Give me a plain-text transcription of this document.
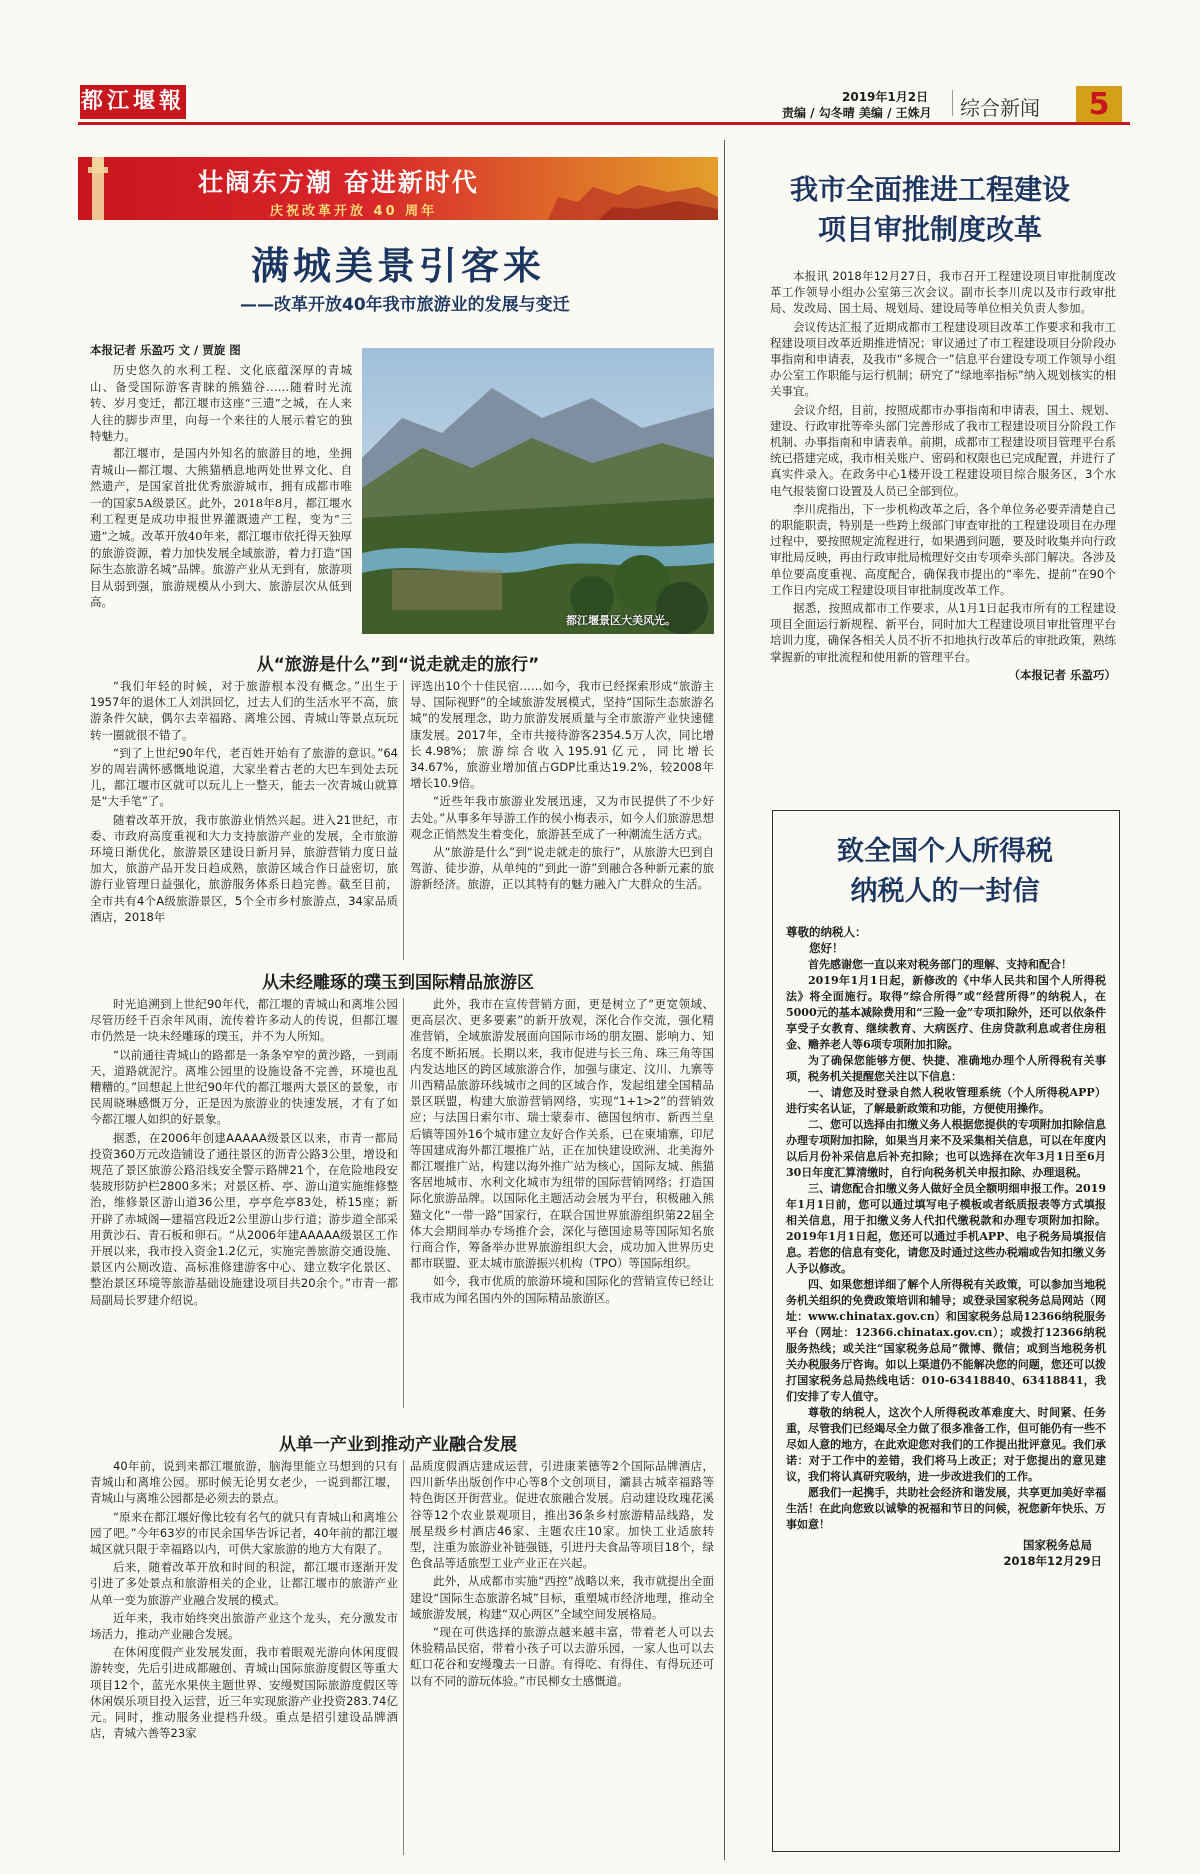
都江堰報	2019年1月2日
责编 / 勾冬晴 美编 / 王姝月 综合新闻	5
壮阔东方潮 奋进新时代
庆祝改革开放 40 周年
满城美景引客来
——改革开放40年我市旅游业的发展与变迁
本报记者 乐盈巧 文 / 贾旋 图

历史悠久的水利工程、文化底蕴深厚的青城山、备受国际游客青睐的熊猫谷……随着时光流转、岁月变迁，都江堰市这座“三遗”之城，在人来人往的脚步声里，向每一个来往的人展示着它的独特魅力。

都江堰市，是国内外知名的旅游目的地，坐拥青城山—都江堰、大熊猫栖息地两处世界文化、自然遗产，是国家首批优秀旅游城市，拥有成都市唯一的国家5A级景区。此外，2018年8月，都江堰水利工程更是成功申报世界灌溉遗产工程，变为“三遗”之城。改革开放40年来，都江堰市依托得天独厚的旅游资源，着力加快发展全域旅游，着力打造“国际生态旅游名城”品牌。旅游产业从无到有，旅游项目从弱到强，旅游规模从小到大、旅游层次从低到高。

都江堰景区大美风光。
从“旅游是什么”到“说走就走的旅行”

“我们年轻的时候，对于旅游根本没有概念。”出生于1957年的退休工人刘洪回忆，过去人们的生活水平不高，旅游条件欠缺，偶尔去幸福路、离堆公园、青城山等景点玩玩转一圈就很不错了。

“到了上世纪90年代，老百姓开始有了旅游的意识。”64岁的周岩满怀感慨地说道，大家坐着古老的大巴车到处去玩儿，都江堰市区就可以玩儿上一整天，能去一次青城山就算是“大手笔”了。

随着改革开放，我市旅游业悄然兴起。进入21世纪，市委、市政府高度重视和大力支持旅游产业的发展，全市旅游环境日渐优化，旅游景区建设日新月异，旅游营销力度日益加大，旅游产品开发日趋成熟，旅游区域合作日益密切，旅游行业管理日益强化，旅游服务体系日趋完善。截至目前，全市共有4个A级旅游景区，5个全市乡村旅游点，34家品质酒店，2018年

评选出10个十佳民宿……如今，我市已经探索形成“旅游主导、国际视野”的全域旅游发展模式，坚持“国际生态旅游名城”的发展理念，助力旅游发展质量与全市旅游产业快速健康发展。2017年，全市共接待游客2354.5万人次，同比增长4.98%；旅游综合收入195.91亿元，同比增长34.67%，旅游业增加值占GDP比重达19.2%，较2008年增长10.9倍。

“近些年我市旅游业发展迅速，又为市民提供了不少好去处。”从事多年导游工作的侯小梅表示，如今人们旅游思想观念正悄然发生着变化，旅游甚至成了一种潮流生活方式。

从“旅游是什么”到“说走就走的旅行”，从旅游大巴到自驾游、徒步游，从单纯的“到此一游”到融合各种新元素的旅游新经济。旅游，正以其特有的魅力融入广大群众的生活。

从未经雕琢的璞玉到国际精品旅游区

时光追溯到上世纪90年代，都江堰的青城山和离堆公园尽管历经千百余年风雨，流传着许多动人的传说，但都江堰市仍然是一块未经雕琢的璞玉，并不为人所知。

“以前通往青城山的路都是一条条窄窄的黄沙路，一到雨天，道路就泥泞。离堆公园里的设施设备不完善，环境也乱糟糟的。”回想起上世纪90年代的都江堰两大景区的景象，市民周晓琳感慨万分，正是因为旅游业的快速发展，才有了如今都江堰人如织的好景象。

据悉，在2006年创建AAAAA级景区以来，市青一都局投资360万元改造铺设了通往景区的沥青公路3公里，增设和规范了景区旅游公路沿线安全警示路牌21个，在危险地段安装玻形防护栏2800多米；对景区桥、亭、游山道实施维修整治，维修景区游山道36公里，亭亭危亭83处，桥15座；新开辟了赤城阁—建福宫段近2公里游山步行道；游步道全部采用黄沙石、青石板和卵石。“从2006年建AAAAA级景区工作开展以来，我市投入资金1.2亿元，实施完善旅游交通设施、景区内公厕改造、高标准修建游客中心、建立数字化景区、整治景区环境等旅游基础设施建设项目共20余个。”市青一都局副局长罗建介绍说。

此外，我市在宣传营销方面，更是树立了“更宽领域、更高层次、更多要素”的新开放观，深化合作交流，强化精准营销，全域旅游发展面向国际市场的朋友圈、影响力、知名度不断拓展。长期以来，我市促进与长三角、珠三角等国内发达地区的跨区域旅游合作，加强与康定、汶川、九寨等川西精品旅游环线城市之间的区域合作，发起组建全国精品景区联盟，构建大旅游营销网络，实现“1+1>2”的营销效应；与法国日索尔市、瑞士蒙泰市、德国包纳市、新西兰皇后镇等国外16个城市建立友好合作关系，已在柬埔寨，印尼等国建成海外都江堰推广站，正在加快建设欧洲、北美海外都江堰推广站，构建以海外推广站为核心，国际友城、熊猫客居地城市、水利文化城市为纽带的国际营销网络；打造国际化旅游品牌。以国际化主题活动会展为平台，积极融入熊猫文化“一带一路”国家行，在联合国世界旅游组织第22届全体大会期间举办专场推介会，深化与德国途易等国际知名旅行商合作，筹备举办世界旅游组织大会，成功加入世界历史都市联盟、亚太城市旅游振兴机构（TPO）等国际组织。

如今，我市优质的旅游环境和国际化的营销宣传已经让我市成为闻名国内外的国际精品旅游区。

从单一产业到推动产业融合发展

40年前，说到来都江堰旅游，脑海里能立马想到的只有青城山和离堆公园。那时候无论男女老少，一说到都江堰，青城山与离堆公园都是必须去的景点。

“原来在都江堰好像比较有名气的就只有青城山和离堆公园了吧。”今年63岁的市民余国华告诉记者，40年前的都江堰城区就只限于幸福路以内，可供大家旅游的地方大有限了。

后来，随着改革开放和时间的积淀，都江堰市逐渐开发引进了多处景点和旅游相关的企业，让都江堰市的旅游产业从单一变为旅游产业融合发展的模式。

近年来，我市始终突出旅游产业这个龙头，充分激发市场活力，推动产业融合发展。

在休闲度假产业发展发面，我市着眼观光游向休闲度假游转变，先后引进成都融创、青城山国际旅游度假区等重大项目12个，蓝光水果侠主题世界、安缦熨国际旅游度假区等休闲娱乐项目投入运营，近三年实现旅游产业投资283.74亿元。同时，推动服务业提档升级。重点是招引建设品牌酒店，青城六善等23家

品质度假酒店建成运营，引进康莱德等2个国际品牌酒店，四川新华出版创作中心等8个文创项目，灞县古城幸福路等特色街区开街营业。促进农旅融合发展。启动建设玫瑰花溪谷等12个农业景观项目，推出36条乡村旅游精品线路，发展星级乡村酒店46家、主题农庄10家。加快工业适旅转型，注重为旅游业补链强链，引进丹夫食品等项目18个，绿色食品等适旅型工业产业正在兴起。

此外，从成都市实施“西控”战略以来，我市就提出全面建设“国际生态旅游名城”目标，重塑城市经济地理，推动全域旅游发展，构建“双心两区”全域空间发展格局。

“现在可供选择的旅游点越来越丰富，带着老人可以去休验精品民宿，带着小孩子可以去游乐园，一家人也可以去虹口花谷和安缦瓊去一日游。有得吃、有得住、有得玩还可以有不同的游玩体验。”市民柳女士感慨道。

我市全面推进工程建设
项目审批制度改革

本报讯 2018年12月27日，我市召开工程建设项目审批制度改革工作领导小组办公室第三次会议。副市长李川虎以及市行政审批局、发改局、国土局、规划局、建设局等单位相关负责人参加。

会议传达汇报了近期成都市工程建设项目改革工作要求和我市工程建设项目改革近期推进情况；审议通过了市工程建设项目分阶段办事指南和申请表，及我市“多规合一”信息平台建设专项工作领导小组办公室工作职能与运行机制；研究了“绿地率指标”纳入规划核实的相关事宜。

会议介绍，目前，按照成都市办事指南和申请表，国土、规划、建设、行政审批等牵头部门完善形成了我市工程建设项目分阶段工作机制、办事指南和申请表单。前期，成都市工程建设项目管理平台系统已搭建完成，我市相关账户、密码和权限也已完成配置，并进行了真实件录入。在政务中心1楼开设工程建设项目综合服务区，3个水电气报装窗口设置及人员已全部到位。

李川虎指出，下一步机构改革之后，各个单位务必要弄清楚自己的职能职责，特别是一些跨上级部门审查审批的工程建设项目在办理过程中，要按照规定流程进行，如果遇到问题，要及时收集并向行政审批局反映，再由行政审批局梳理好交由专项牵头部门解决。各涉及单位要高度重视、高度配合，确保我市提出的“率先、提前”在90个工作日内完成工程建设项目审批制度改革工作。

据悉，按照成都市工作要求，从1月1日起我市所有的工程建设项目全面运行新规程、新平台，同时加大工程建设项目审批管理平台培训力度，确保各相关人员不折不扣地执行改革后的审批政策，熟练掌握新的审批流程和使用新的管理平台。

（本报记者 乐盈巧）
致全国个人所得税
纳税人的一封信
尊敬的纳税人：
您好！

首先感谢您一直以来对税务部门的理解、支持和配合！

2019年1月1日起，新修改的《中华人民共和国个人所得税法》将全面施行。取得“综合所得”或“经营所得”的纳税人，在5000元的基本减除费用和“三险一金”专项扣除外，还可以依条件享受子女教育、继续教育、大病医疗、住房贷款利息或者住房租金、赡养老人等6项专项附加扣除。

为了确保您能够方便、快捷、准确地办理个人所得税有关事项，税务机关提醒您关注以下信息：

一、请您及时登录自然人税收管理系统（个人所得税APP）进行实名认证，了解最新政策和功能，方便使用操作。

二、您可以选择由扣缴义务人根据您提供的专项附加扣除信息办理专项附加扣除，如果当月来不及采集相关信息，可以在年度内以后月份补采信息后补充扣除；也可以选择在次年3月1日至6月30日年度汇算清缴时，自行向税务机关申报扣除、办理退税。

三、请您配合扣缴义务人做好全员全额明细申报工作。2019年1月1日前，您可以通过填写电子模板或者纸质报表等方式填报相关信息，用于扣缴义务人代扣代缴税款和办理专项附加扣除。2019年1月1日起，您还可以通过手机APP、电子税务局填报信息。若您的信息有变化，请您及时通过这些办税端或告知扣缴义务人予以修改。

四、如果您想详细了解个人所得税有关政策，可以参加当地税务机关组织的免费政策培训和辅导；或登录国家税务总局网站（网址：www.chinatax.gov.cn）和国家税务总局12366纳税服务平台（网址：12366.chinatax.gov.cn）；或拨打12366纳税服务热线；或关注“国家税务总局”微博、微信；或到当地税务机关办税服务厅咨询。如以上渠道仍不能解决您的问题，您还可以拨打国家税务总局热线电话：010-63418840、63418841，我们安排了专人值守。

尊敬的纳税人，这次个人所得税改革难度大、时间紧、任务重，尽管我们已经竭尽全力做了很多准备工作，但可能仍有一些不尽如人意的地方，在此欢迎您对我们的工作提出批评意见。我们承诺：对于工作中的差错，我们将马上改正；对于您提出的意见建议，我们将认真研究吸纳，进一步改进我们的工作。

愿我们一起携手，共助社会经济和谐发展，共享更加美好幸福生活！在此向您致以诚挚的祝福和节日的问候，祝您新年快乐、万事如意！

国家税务总局
2018年12月29日
